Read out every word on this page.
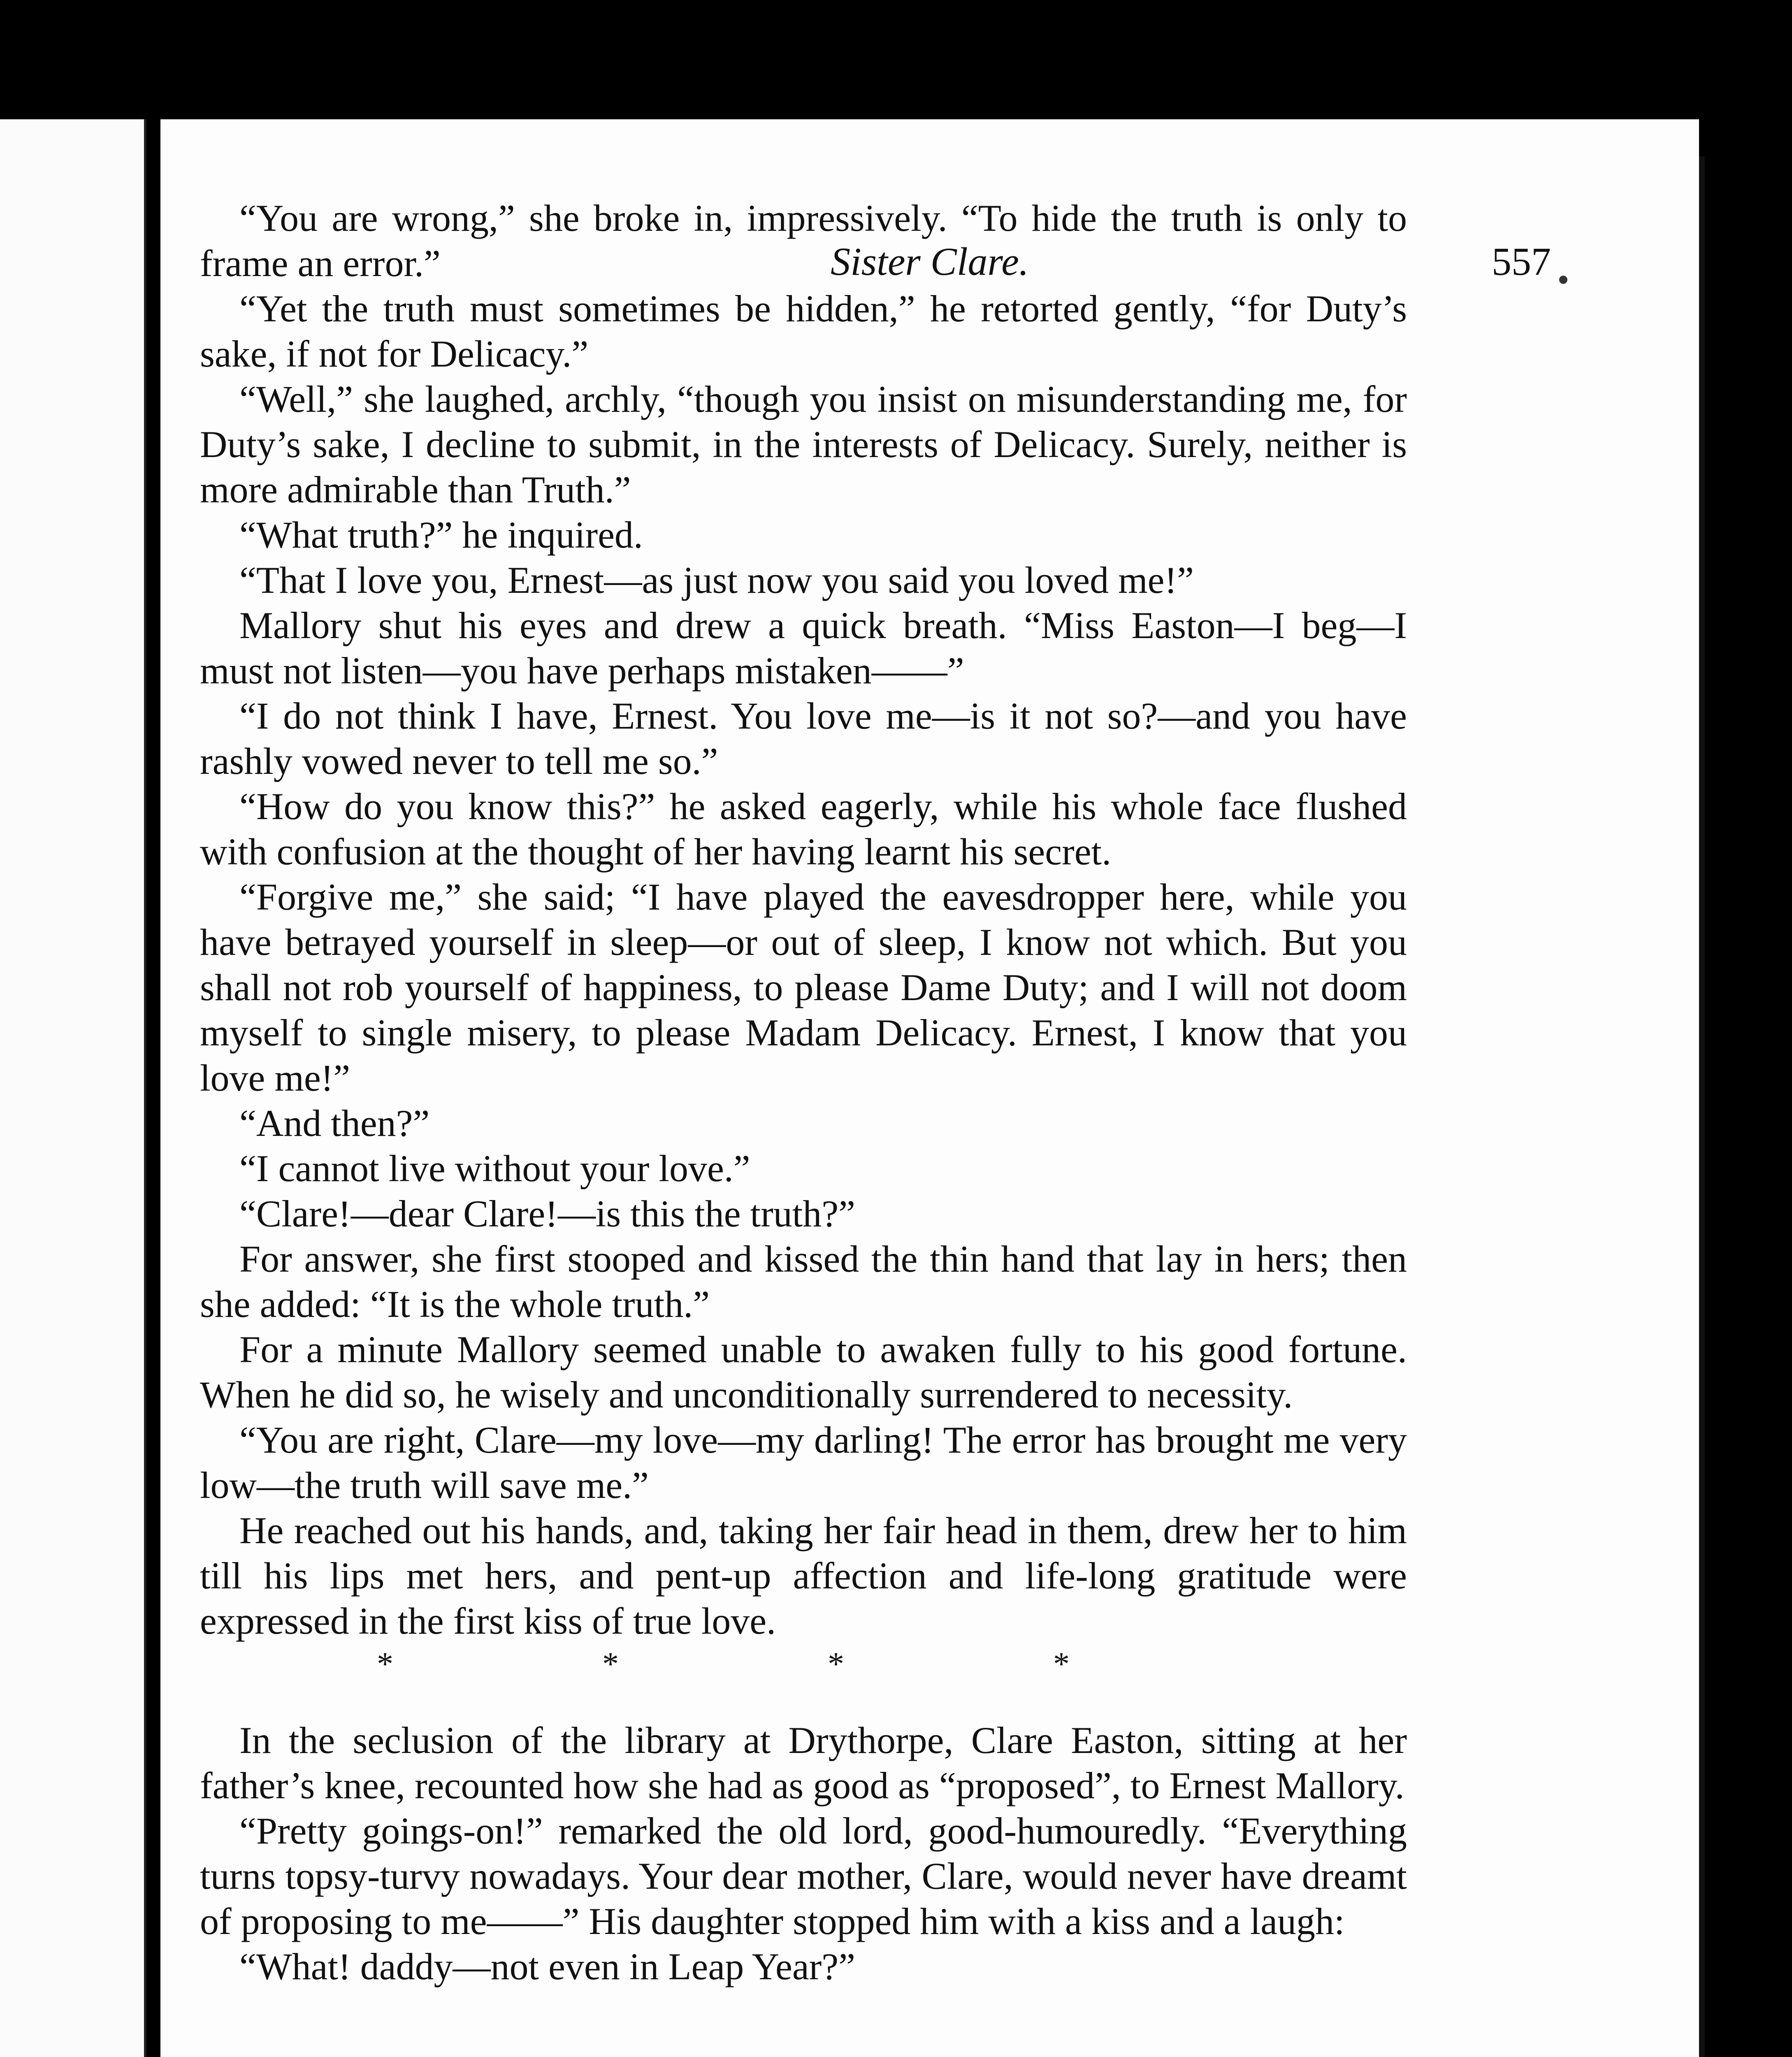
Sister Clare.	557

“You are wrong,” she broke in, impressively. “To hide the truth is only to frame an error.”

“Yet the truth must sometimes be hidden,” he retorted gently, “for Duty’s sake, if not for Delicacy.”

“Well,” she laughed, archly, “though you insist on misunderstanding me, for Duty’s sake, I decline to submit, in the interests of Delicacy. Surely, neither is more admirable than Truth.”

“What truth?” he inquired.

“That I love you, Ernest—as just now you said you loved me!”

Mallory shut his eyes and drew a quick breath. “Miss Easton—I beg—I must not listen—you have perhaps mistaken——”

“I do not think I have, Ernest. You love me—is it not so?—and you have rashly vowed never to tell me so.”

“How do you know this?” he asked eagerly, while his whole face flushed with confusion at the thought of her having learnt his secret.

“Forgive me,” she said; “I have played the eavesdropper here, while you have betrayed yourself in sleep—or out of sleep, I know not which. But you shall not rob yourself of happiness, to please Dame Duty; and I will not doom myself to single misery, to please Madam Delicacy. Ernest, I know that you love me!”

“And then?”

“I cannot live without your love.”

“Clare!—dear Clare!—is this the truth?”

For answer, she first stooped and kissed the thin hand that lay in hers; then she added: “It is the whole truth.”

For a minute Mallory seemed unable to awaken fully to his good fortune. When he did so, he wisely and unconditionally surrendered to necessity.

“You are right, Clare—my love—my darling! The error has brought me very low—the truth will save me.”

He reached out his hands, and, taking her fair head in them, drew her to him till his lips met hers, and pent-up affection and life-long gratitude were expressed in the first kiss of true love.

*	*	*	*

In the seclusion of the library at Drythorpe, Clare Easton, sitting at her father’s knee, recounted how she had as good as “proposed”, to Ernest Mallory.

“Pretty goings-on!” remarked the old lord, good-humouredly. “Everything turns topsy-turvy nowadays. Your dear mother, Clare, would never have dreamt of proposing to me——” His daughter stopped him with a kiss and a laugh:

“What! daddy—not even in Leap Year?”
